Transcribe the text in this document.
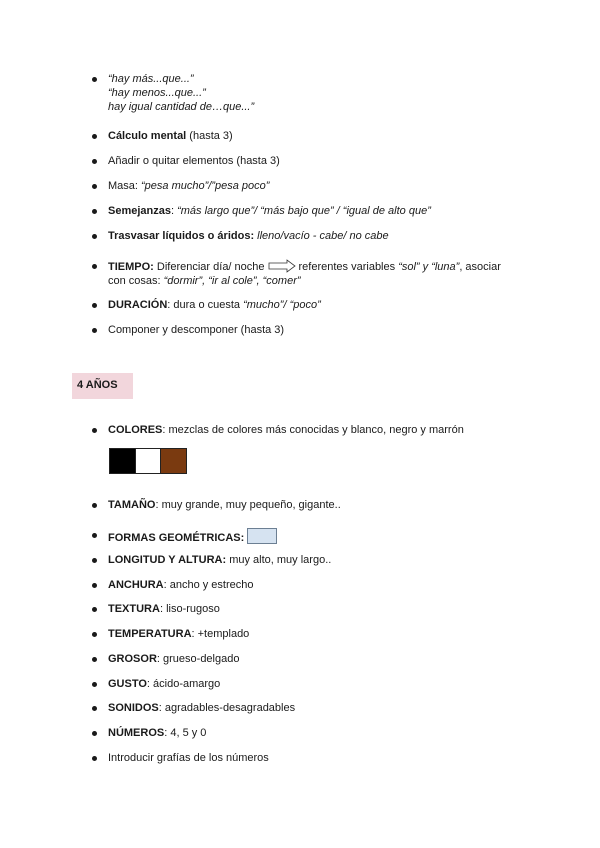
“hay más...que...”
“hay menos...que...”
hay igual cantidad de…que...”
Cálculo mental (hasta 3)
Añadir o quitar elementos (hasta 3)
Masa: “pesa mucho”/”pesa poco”
Semejanzas: “más largo que”/ “más bajo que” / “igual de alto que”
Trasvasar líquidos o áridos: lleno/vacío - cabe/ no cabe
TIEMPO: Diferenciar día/ noche	referentes variables “sol” y “luna”, asociar
con cosas: “dormir”, “ir al cole”, “comer”
DURACIÓN: dura o cuesta “mucho”/ “poco”
Componer y descomponer (hasta 3)
4 AÑOS
COLORES: mezclas de colores más conocidas y blanco, negro y marrón
TAMAÑO: muy grande, muy pequeño, gigante..
FORMAS GEOMÉTRICAS:
LONGITUD Y ALTURA: muy alto, muy largo..
ANCHURA: ancho y estrecho
TEXTURA: liso-rugoso
TEMPERATURA: +templado
GROSOR: grueso-delgado
GUSTO: ácido-amargo
SONIDOS: agradables-desagradables
NÚMEROS: 4, 5 y 0
Introducir grafías de los números
